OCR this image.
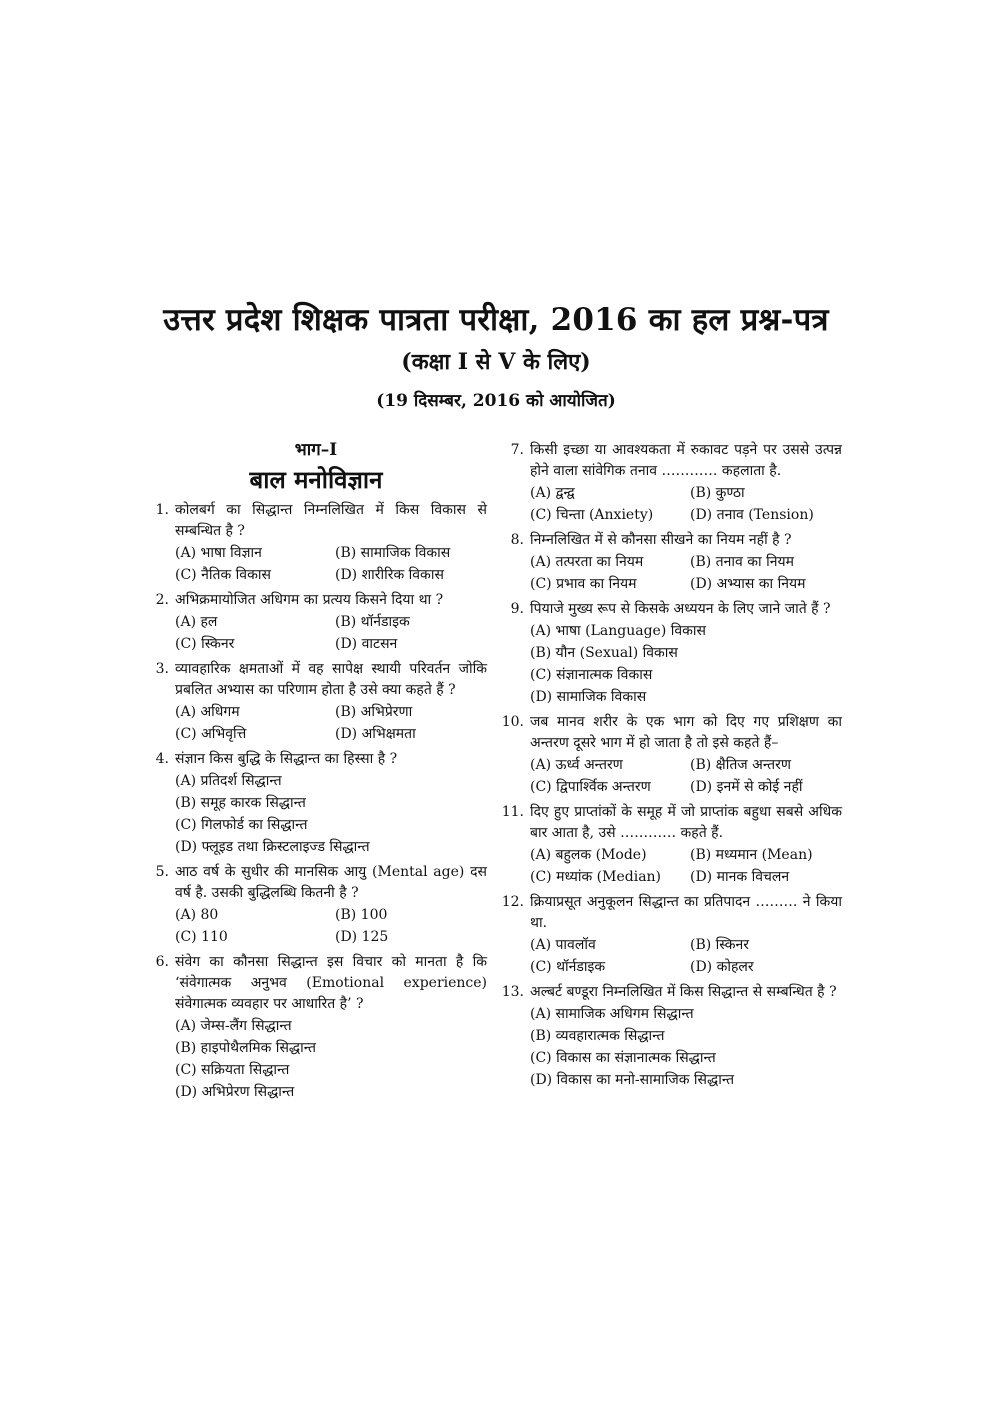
उत्तर प्रदेश शिक्षक पात्रता परीक्षा, 2016 का हल प्रश्न-पत्र
(कक्षा I से V के लिए)
(19 दिसम्बर, 2016 को आयोजित)
भाग–I
बाल मनोविज्ञान
1. कोलबर्ग का सिद्धान्त निम्नलिखित में किस विकास से सम्बन्धित है ?
(A) भाषा विज्ञान	(B) सामाजिक विकास
(C) नैतिक विकास	(D) शारीरिक विकास
2. अभिक्रमायोजित अधिगम का प्रत्यय किसने दिया था ?
(A) हल	(B) थॉर्नडाइक
(C) स्किनर	(D) वाटसन
3. व्यावहारिक क्षमताओं में वह सापेक्ष स्थायी परिवर्तन जोकि प्रबलित अभ्यास का परिणाम होता है उसे क्या कहते हैं ?
(A) अधिगम	(B) अभिप्रेरणा
(C) अभिवृत्ति	(D) अभिक्षमता
4. संज्ञान किस बुद्धि के सिद्धान्त का हिस्सा है ?
(A) प्रतिदर्श सिद्धान्त
(B) समूह कारक सिद्धान्त
(C) गिलफोर्ड का सिद्धान्त
(D) फ्लूइड तथा क्रिस्टलाइज्ड सिद्धान्त
5. आठ वर्ष के सुधीर की मानसिक आयु (Mental age) दस वर्ष है. उसकी बुद्धिलब्धि कितनी है ?
(A) 80	(B) 100
(C) 110	(D) 125
6. संवेग का कौनसा सिद्धान्त इस विचार को मानता है कि ‘संवेगात्मक अनुभव (Emotional experience) संवेगात्मक व्यवहार पर आधारित है’ ?
(A) जेम्स-लैंग सिद्धान्त
(B) हाइपोथैलमिक सिद्धान्त
(C) सक्रियता सिद्धान्त
(D) अभिप्रेरण सिद्धान्त
7. किसी इच्छा या आवश्यकता में रुकावट पड़ने पर उससे उत्पन्न होने वाला सांवेगिक तनाव ………… कहलाता है.
(A) द्वन्द्व	(B) कुण्ठा
(C) चिन्ता (Anxiety)	(D) तनाव (Tension)
8. निम्नलिखित में से कौनसा सीखने का नियम नहीं है ?
(A) तत्परता का नियम	(B) तनाव का नियम
(C) प्रभाव का नियम	(D) अभ्यास का नियम
9. पियाजे मुख्य रूप से किसके अध्ययन के लिए जाने जाते हैं ?
(A) भाषा (Language) विकास
(B) यौन (Sexual) विकास
(C) संज्ञानात्मक विकास
(D) सामाजिक विकास
10. जब मानव शरीर के एक भाग को दिए गए प्रशिक्षण का अन्तरण दूसरे भाग में हो जाता है तो इसे कहते हैं–
(A) ऊर्ध्व अन्तरण	(B) क्षैतिज अन्तरण
(C) द्विपार्श्विक अन्तरण	(D) इनमें से कोई नहीं
11. दिए हुए प्राप्तांकों के समूह में जो प्राप्तांक बहुधा सबसे अधिक बार आता है, उसे ………… कहते हैं.
(A) बहुलक (Mode)	(B) मध्यमान (Mean)
(C) मध्यांक (Median)	(D) मानक विचलन
12. क्रियाप्रसूत अनुकूलन सिद्धान्त का प्रतिपादन ……… ने किया था.
(A) पावलॉव	(B) स्किनर
(C) थॉर्नडाइक	(D) कोहलर
13. अल्बर्ट बण्डूरा निम्नलिखित में किस सिद्धान्त से सम्बन्धित है ?
(A) सामाजिक अधिगम सिद्धान्त
(B) व्यवहारात्मक सिद्धान्त
(C) विकास का संज्ञानात्मक सिद्धान्त
(D) विकास का मनो-सामाजिक सिद्धान्त
